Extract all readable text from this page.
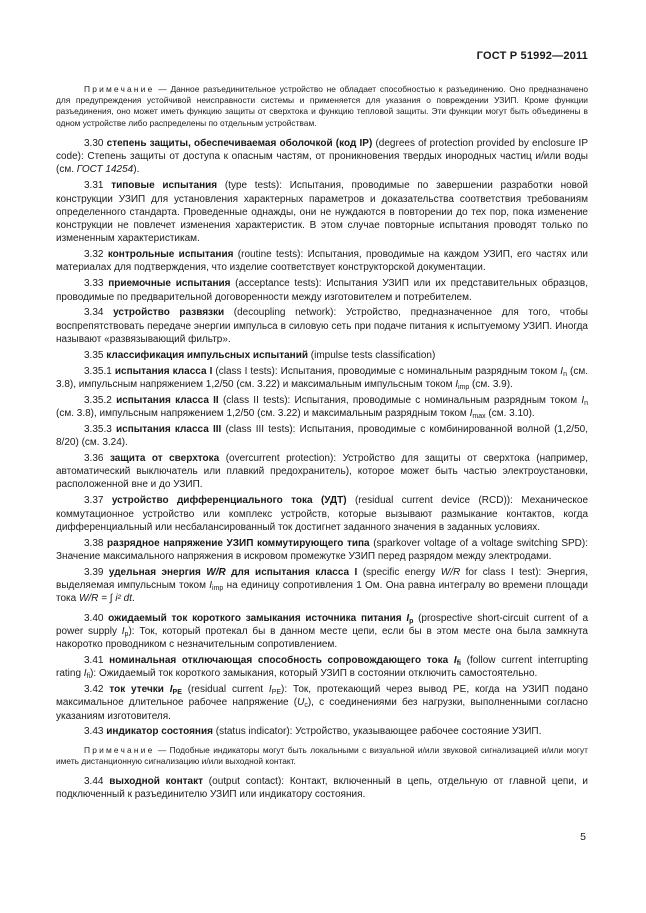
ГОСТ Р 51992—2011

Примечание — Данное разъединительное устройство не обладает способностью к разъединению. Оно предназначено для предупреждения устойчивой неисправности системы и применяется для указания о повреждении УЗИП. Кроме функции разъединения, оно может иметь функцию защиты от сверхтока и функцию тепловой защиты. Эти функции могут быть объединены в одном устройстве либо распределены по отдельным устройствам.

3.30 степень защиты, обеспечиваемая оболочкой (код IP) (degrees of protection provided by enclosure IP code): Степень защиты от доступа к опасным частям, от проникновения твердых инородных частиц и/или воды (см. ГОСТ 14254).

3.31 типовые испытания (type tests): Испытания, проводимые по завершении разработки новой конструкции УЗИП для установления характерных параметров и доказательства соответствия требованиям определенного стандарта. Проведенные однажды, они не нуждаются в повторении до тех пор, пока изменение конструкции не повлечет изменения характеристик. В этом случае повторные испытания проводят только по измененным характеристикам.

3.32 контрольные испытания (routine tests): Испытания, проводимые на каждом УЗИП, его частях или материалах для подтверждения, что изделие соответствует конструкторской документации.

3.33 приемочные испытания (acceptance tests): Испытания УЗИП или их представительных образцов, проводимые по предварительной договоренности между изготовителем и потребителем.

3.34 устройство развязки (decoupling network): Устройство, предназначенное для того, чтобы воспрепятствовать передаче энергии импульса в силовую сеть при подаче питания к испытуемому УЗИП. Иногда называют «развязывающий фильтр».

3.35 классификация импульсных испытаний (impulse tests classification)

3.35.1 испытания класса I (class I tests): Испытания, проводимые с номинальным разрядным током $I_n$ (см. 3.8), импульсным напряжением 1,2/50 (см. 3.22) и максимальным импульсным током $I_{imp}$ (см. 3.9).

3.35.2 испытания класса II (class II tests): Испытания, проводимые с номинальным разрядным током $I_n$ (см. 3.8), импульсным напряжением 1,2/50 (см. 3.22) и максимальным разрядным током $I_{max}$ (см. 3.10).

3.35.3 испытания класса III (class III tests): Испытания, проводимые с комбинированной волной (1,2/50, 8/20) (см. 3.24).

3.36 защита от сверхтока (overcurrent protection): Устройство для защиты от сверхтока (например, автоматический выключатель или плавкий предохранитель), которое может быть частью электроустановки, расположенной вне и до УЗИП.

3.37 устройство дифференциального тока (УДТ) (residual current device (RCD)): Механическое коммутационное устройство или комплекс устройств, которые вызывают размыкание контактов, когда дифференциальный или несбалансированный ток достигнет заданного значения в заданных условиях.

3.38 разрядное напряжение УЗИП коммутирующего типа (sparkover voltage of a voltage switching SPD): Значение максимального напряжения в искровом промежутке УЗИП перед разрядом между электродами.

3.39 удельная энергия W/R для испытания класса I (specific energy W/R for class I test): Энергия, выделяемая импульсным током $I_{imp}$ на единицу сопротивления 1 Ом. Она равна интегралу во времени площади тока W/R = ∫ i² dt.

3.40 ожидаемый ток короткого замыкания источника питания $I_p$ (prospective short-circuit current of a power supply $I_p$): Ток, который протекал бы в данном месте цепи, если бы в этом месте она была замкнута накоротко проводником с незначительным сопротивлением.

3.41 номинальная отключающая способность сопровождающего тока $I_{fi}$ (follow current interrupting rating $I_{fi}$): Ожидаемый ток короткого замыкания, который УЗИП в состоянии отключить самостоятельно.

3.42 ток утечки $I_{PE}$ (residual current $I_{PE}$): Ток, протекающий через вывод РЕ, когда на УЗИП подано максимальное длительное рабочее напряжение $(U_c)$, с соединениями без нагрузки, выполненными согласно указаниям изготовителя.

3.43 индикатор состояния (status indicator): Устройство, указывающее рабочее состояние УЗИП.

Примечание — Подобные индикаторы могут быть локальными с визуальной и/или звуковой сигнализацией и/или могут иметь дистанционную сигнализацию и/или выходной контакт.

3.44 выходной контакт (output contact): Контакт, включенный в цепь, отдельную от главной цепи, и подключенный к разъединителю УЗИП или индикатору состояния.

5
